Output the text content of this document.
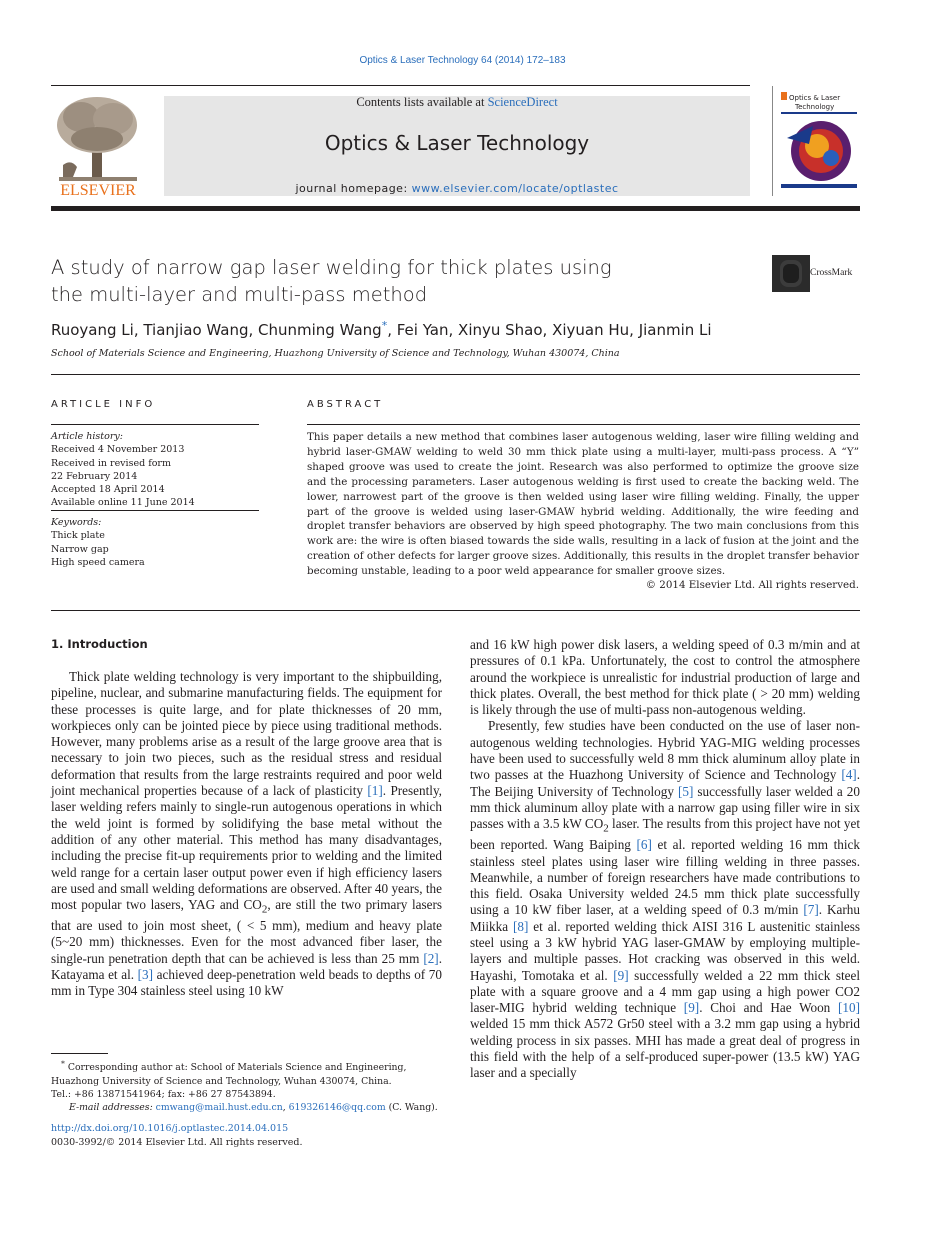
Optics & Laser Technology 64 (2014) 172–183
ELSEVIER
Contents lists available at ScienceDirect
Optics & Laser Technology
journal homepage: www.elsevier.com/locate/optlastec
Optics & Laser
Technology
A study of narrow gap laser welding for thick plates using
the multi-layer and multi-pass method
CrossMark
Ruoyang Li, Tianjiao Wang, Chunming Wang*, Fei Yan, Xinyu Shao, Xiyuan Hu, Jianmin Li
School of Materials Science and Engineering, Huazhong University of Science and Technology, Wuhan 430074, China
ARTICLE INFO	ABSTRACT
Article history:
Received 4 November 2013
Received in revised form
22 February 2014
Accepted 18 April 2014
Available online 11 June 2014
Keywords:
Thick plate
Narrow gap
High speed camera
This paper details a new method that combines laser autogenous welding, laser wire filling welding and hybrid laser-GMAW welding to weld 30 mm thick plate using a multi-layer, multi-pass process. A “Y” shaped groove was used to create the joint. Research was also performed to optimize the groove size and the processing parameters. Laser autogenous welding is first used to create the backing weld. The lower, narrowest part of the groove is then welded using laser wire filling welding. Finally, the upper part of the groove is welded using laser-GMAW hybrid welding. Additionally, the wire feeding and droplet transfer behaviors are observed by high speed photography. The two main conclusions from this work are: the wire is often biased towards the side walls, resulting in a lack of fusion at the joint and the creation of other defects for larger groove sizes. Additionally, this results in the droplet transfer behavior becoming unstable, leading to a poor weld appearance for smaller groove sizes.
© 2014 Elsevier Ltd. All rights reserved.
1. Introduction

Thick plate welding technology is very important to the shipbuilding, pipeline, nuclear, and submarine manufacturing fields. The equipment for these processes is quite large, and for plate thicknesses of 20 mm, workpieces only can be jointed piece by piece using traditional methods. However, many problems arise as a result of the large groove area that is necessary to join two pieces, such as the residual stress and residual deformation that results from the large restraints required and poor weld joint mechanical properties because of a lack of plasticity [1]. Presently, laser welding refers mainly to single-run autogenous operations in which the weld joint is formed by solidifying the base metal without the addition of any other material. This method has many disadvantages, including the precise fit-up requirements prior to welding and the limited weld range for a certain laser output power even if high efficiency lasers are used and small welding deformations are observed. After 40 years, the most popular two lasers, YAG and $CO_2$, are still the two primary lasers that are used to join most sheet, ( < 5 mm), medium and heavy plate (5~20 mm) thicknesses. Even for the most advanced fiber laser, the single-run penetration depth that can be achieved is less than 25 mm [2]. Katayama et al. [3] achieved deep-penetration weld beads to depths of 70 mm in Type 304 stainless steel using 10 kW

and 16 kW high power disk lasers, a welding speed of 0.3 m/min and at pressures of 0.1 kPa. Unfortunately, the cost to control the atmosphere around the workpiece is unrealistic for industrial production of large and thick plates. Overall, the best method for thick plate ( > 20 mm) welding is likely through the use of multi-pass non-autogenous welding.

Presently, few studies have been conducted on the use of laser non-autogenous welding technologies. Hybrid YAG-MIG welding processes have been used to successfully weld 8 mm thick aluminum alloy plate in two passes at the Huazhong University of Science and Technology [4]. The Beijing University of Technology [5] successfully laser welded a 20 mm thick aluminum alloy plate with a narrow gap using filler wire in six passes with a 3.5 kW $CO_2$ laser. The results from this project have not yet been reported. Wang Baiping [6] et al. reported welding 16 mm thick stainless steel plates using laser wire filling welding in three passes. Meanwhile, a number of foreign researchers have made contributions to this field. Osaka University welded 24.5 mm thick plate successfully using a 10 kW fiber laser, at a welding speed of 0.3 m/min [7]. Karhu Miikka [8] et al. reported welding thick AISI 316 L austenitic stainless steel using a 3 kW hybrid YAG laser-GMAW by employing multiple-layers and multiple passes. Hot cracking was observed in this weld. Hayashi, Tomotaka et al. [9] successfully welded a 22 mm thick steel plate with a square groove and a 4 mm gap using a high power CO2 laser-MIG hybrid welding technique [9]. Choi and Hae Woon [10] welded 15 mm thick A572 Gr50 steel with a 3.2 mm gap using a hybrid welding process in six passes. MHI has made a great deal of progress in this field with the help of a self-produced super-power (13.5 kW) YAG laser and a specially

* Corresponding author at: School of Materials Science and Engineering,
Huazhong University of Science and Technology, Wuhan 430074, China.
Tel.: +86 13871541964; fax: +86 27 87543894.
E-mail addresses: cmwang@mail.hust.edu.cn, 619326146@qq.com (C. Wang).
http://dx.doi.org/10.1016/j.optlastec.2014.04.015
0030-3992/© 2014 Elsevier Ltd. All rights reserved.
